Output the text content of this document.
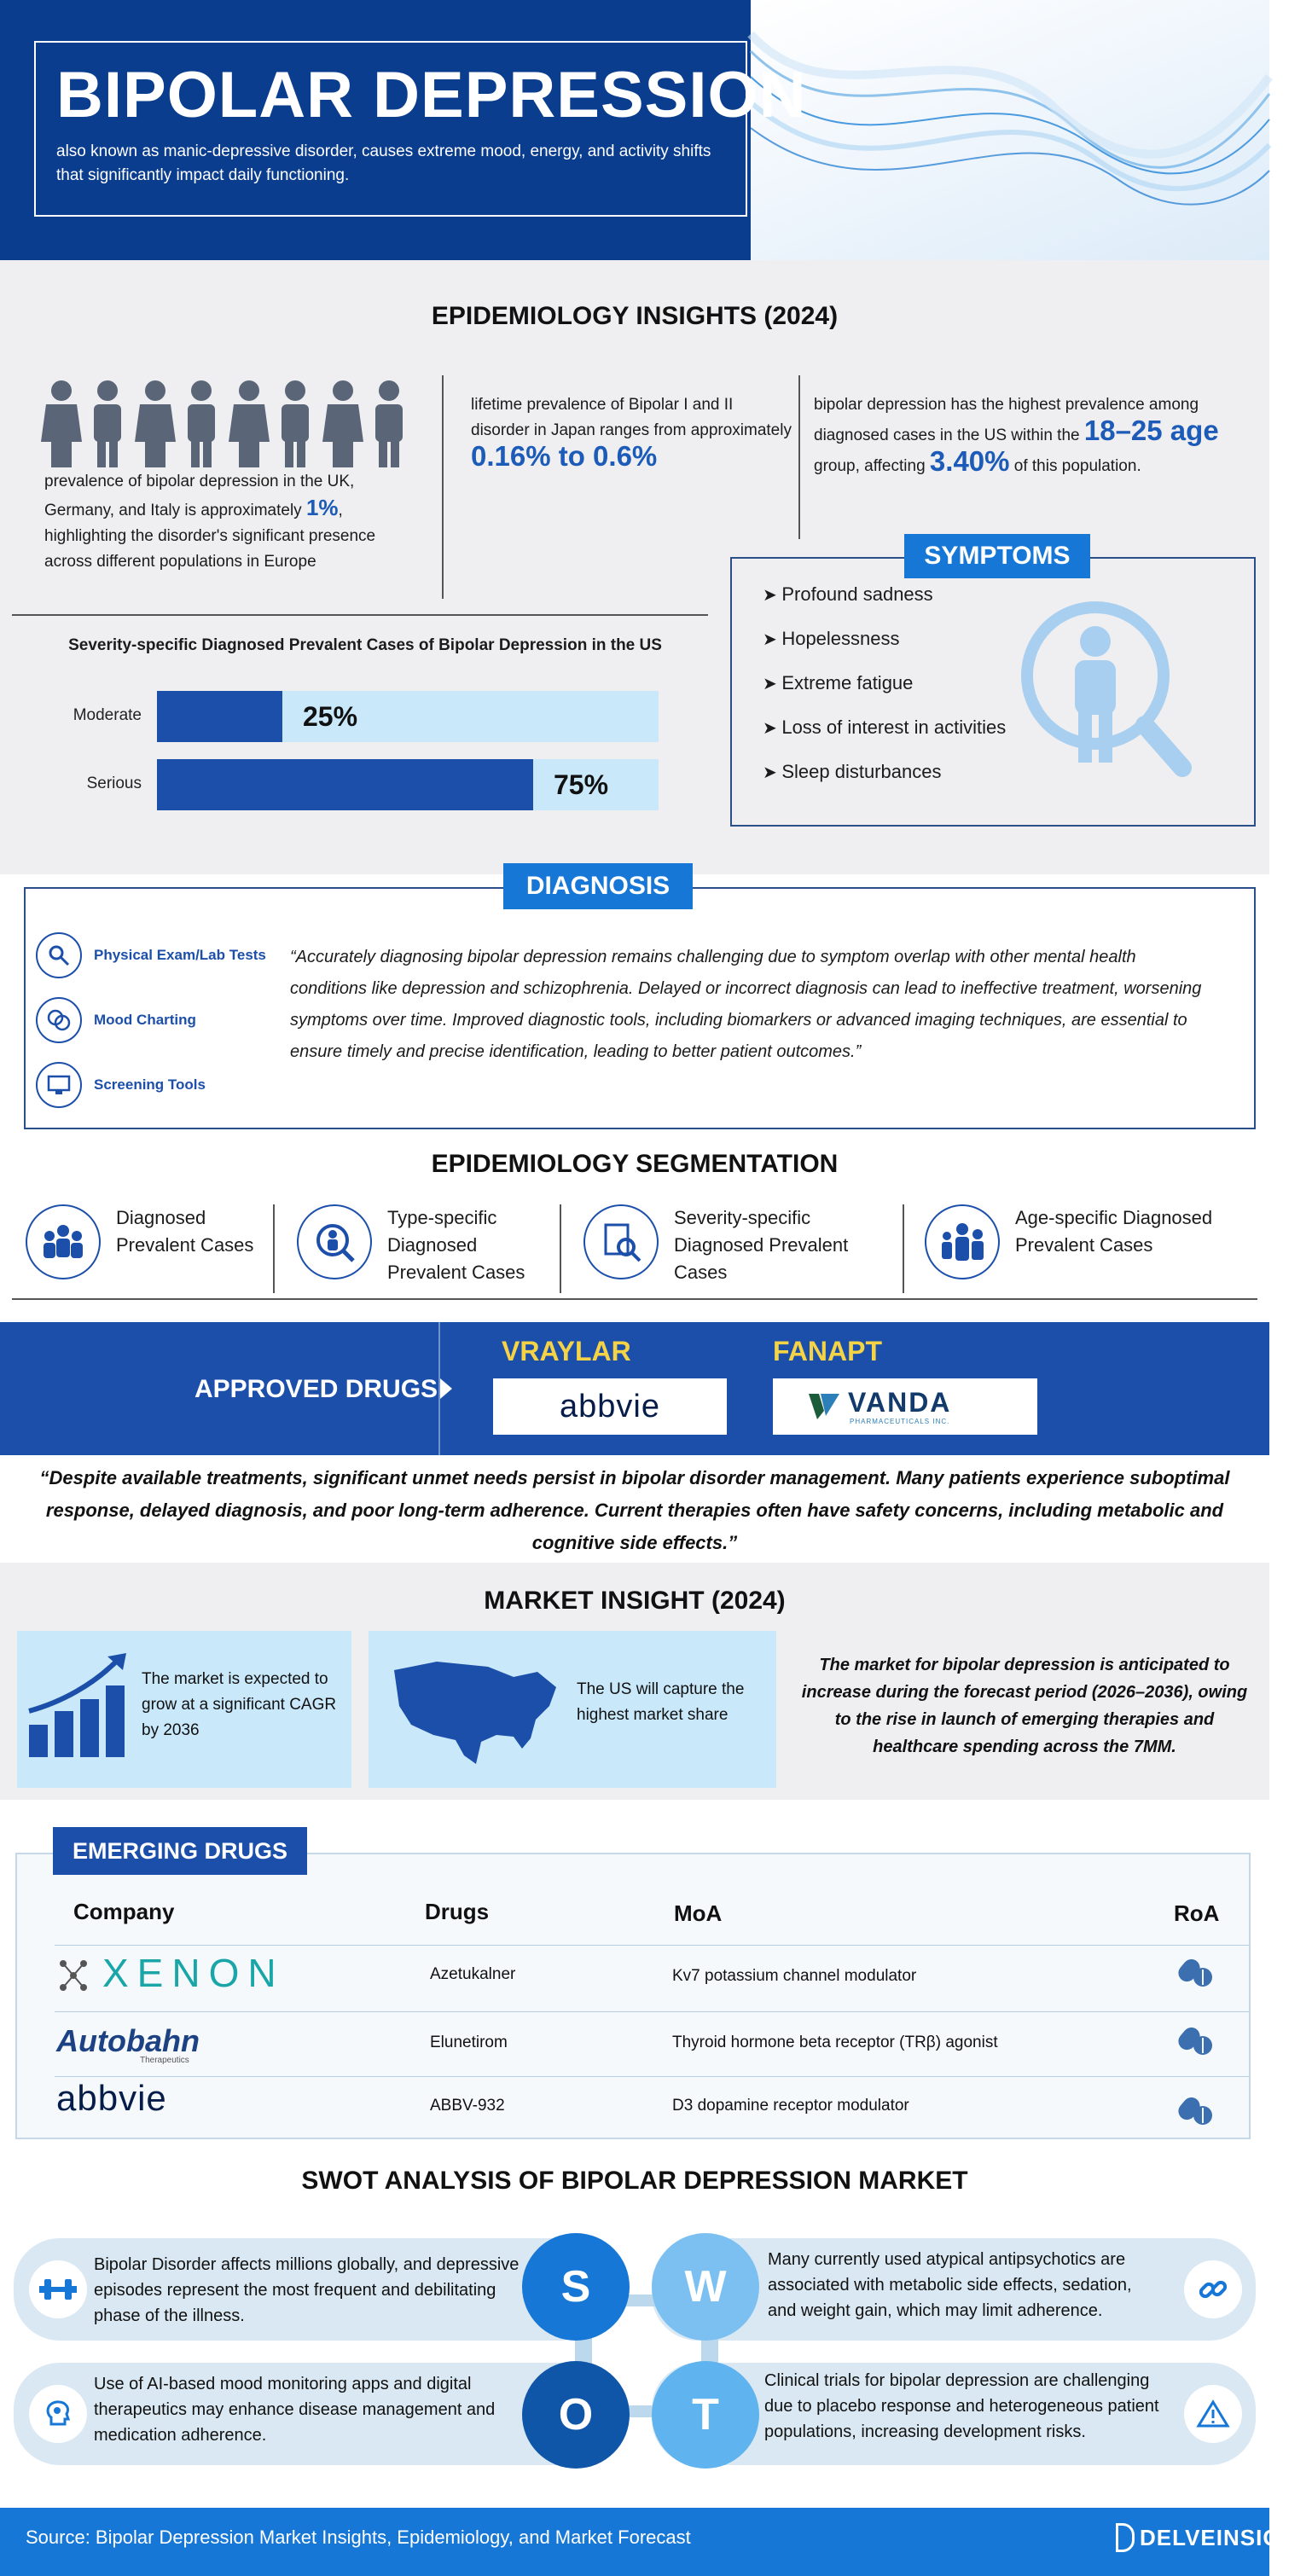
BIPOLAR DEPRESSION
also known as manic-depressive disorder, causes extreme mood, energy, and activity shifts that significantly impact daily functioning.
EPIDEMIOLOGY INSIGHTS (2024)
prevalence of bipolar depression in the UK, Germany, and Italy is approximately 1%, highlighting the disorder's significant presence across different populations in Europe
lifetime prevalence of Bipolar I and II disorder in Japan ranges from approximately 0.16% to 0.6%
bipolar depression has the highest prevalence among diagnosed cases in the US within the 18–25 age group, affecting 3.40% of this population.
Severity-specific Diagnosed Prevalent Cases of Bipolar Depression in the US
Moderate	25%
Serious	75%
SYMPTOMS
➤ Profound sadness
➤ Hopelessness
➤ Extreme fatigue
➤ Loss of interest in activities
➤ Sleep disturbances
DIAGNOSIS
Physical Exam/Lab Tests
Mood Charting
Screening Tools
“Accurately diagnosing bipolar depression remains challenging due to symptom overlap with other mental health conditions like depression and schizophrenia. Delayed or incorrect diagnosis can lead to ineffective treatment, worsening symptoms over time. Improved diagnostic tools, including biomarkers or advanced imaging techniques, are essential to ensure timely and precise identification, leading to better patient outcomes.”
EPIDEMIOLOGY SEGMENTATION
Diagnosed Prevalent Cases
Type-specific Diagnosed Prevalent Cases
Severity-specific Diagnosed Prevalent Cases
Age-specific Diagnosed Prevalent Cases
APPROVED DRUGS
VRAYLAR
abbvie
FANAPT
VANDA
PHARMACEUTICALS INC.
“Despite available treatments, significant unmet needs persist in bipolar disorder management. Many patients experience suboptimal response, delayed diagnosis, and poor long-term adherence. Current therapies often have safety concerns, including metabolic and cognitive side effects.”
MARKET INSIGHT (2024)
The market is expected to grow at a significant CAGR by 2036
The US will capture the highest market share
The market for bipolar depression is anticipated to increase during the forecast period (2026–2036), owing to the rise in launch of emerging therapies and healthcare spending across the 7MM.
EMERGING DRUGS
Company	Drugs	MoA	RoA
XENON	Azetukalner	Kv7 potassium channel modulator
Autobahn
Therapeutics
Elunetirom	Thyroid hormone beta receptor (TRβ) agonist
abbvie	ABBV-932	D3 dopamine receptor modulator
SWOT ANALYSIS OF BIPOLAR DEPRESSION MARKET
Bipolar Disorder affects millions globally, and depressive episodes represent the most frequent and debilitating phase of the illness.
Many currently used atypical antipsychotics are associated with metabolic side effects, sedation, and weight gain, which may limit adherence.
Use of AI-based mood monitoring apps and digital therapeutics may enhance disease management and medication adherence.
Clinical trials for bipolar depression are challenging due to placebo response and heterogeneous patient populations, increasing development risks.
S	W
O	T
Source: Bipolar Depression Market Insights, Epidemiology, and Market Forecast	DELVEINSIGHT
